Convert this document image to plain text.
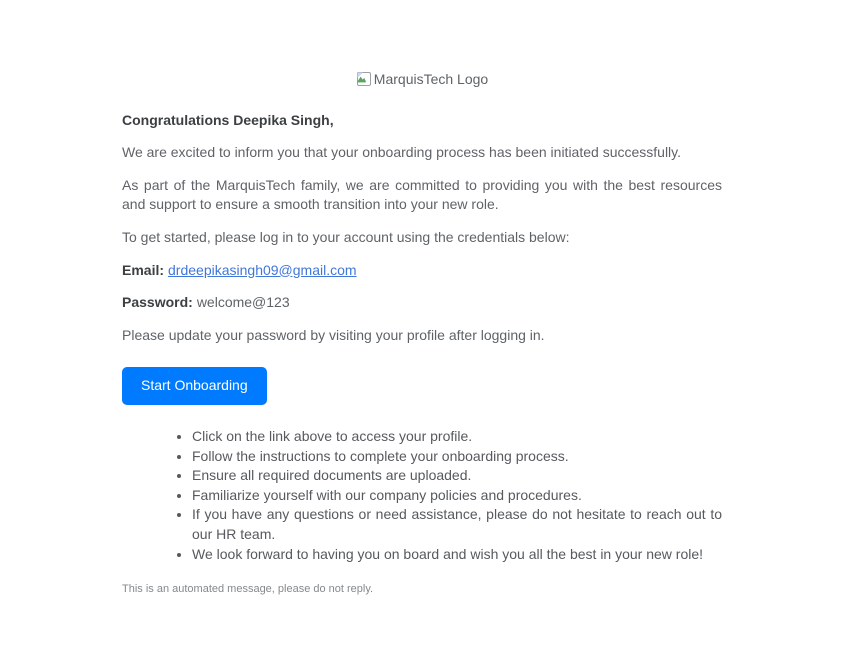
MarquisTech Logo

Congratulations Deepika Singh,

We are excited to inform you that your onboarding process has been initiated successfully.

As part of the MarquisTech family, we are committed to providing you with the best resources and support to ensure a smooth transition into your new role.

To get started, please log in to your account using the credentials below:

Email: drdeepikasingh09@gmail.com

Password: welcome@123

Please update your password by visiting your profile after logging in.

Start Onboarding
• Click on the link above to access your profile.
• Follow the instructions to complete your onboarding process.
• Ensure all required documents are uploaded.
• Familiarize yourself with our company policies and procedures.
• If you have any questions or need assistance, please do not hesitate to reach out to our HR team.
• We look forward to having you on board and wish you all the best in your new role!

This is an automated message, please do not reply.
